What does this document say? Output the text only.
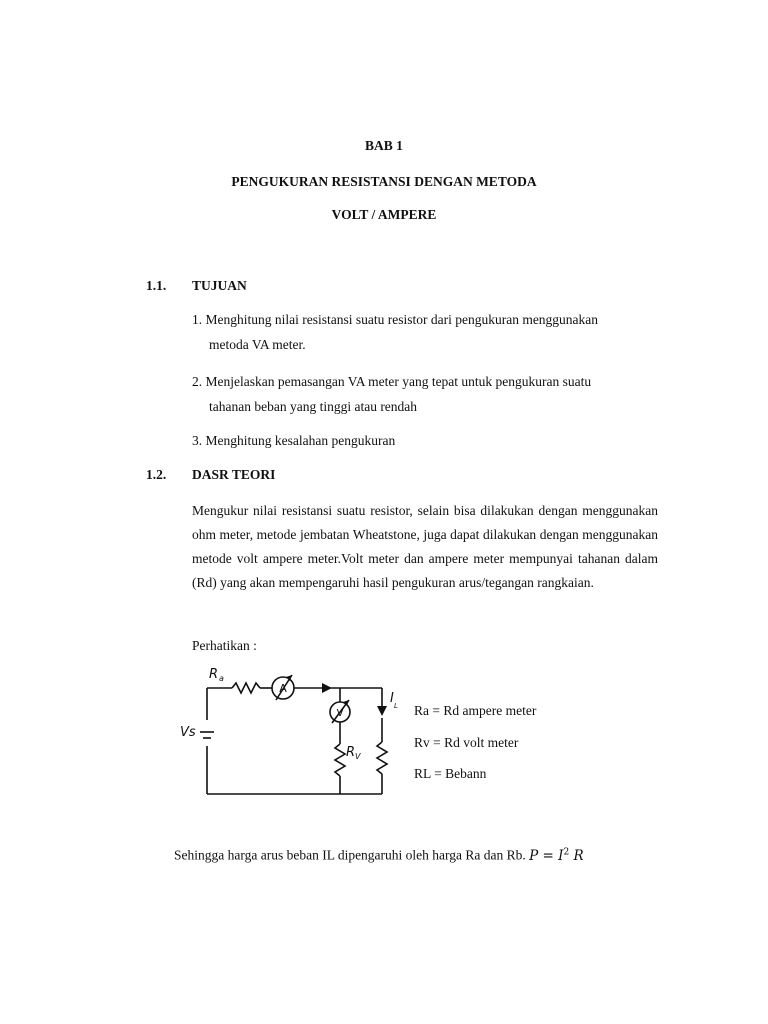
BAB 1
PENGUKURAN RESISTANSI DENGAN METODA
VOLT / AMPERE
1.1. TUJUAN
1. Menghitung nilai resistansi suatu resistor dari pengukuran menggunakan
metoda VA meter.
2. Menjelaskan pemasangan VA meter yang tepat untuk pengukuran suatu
tahanan beban yang tinggi atau rendah
3. Menghitung kesalahan pengukuran
1.2. DASR TEORI

Mengukur nilai resistansi suatu resistor, selain bisa dilakukan dengan menggunakan ohm meter, metode jembatan Wheatstone, juga dapat dilakukan dengan menggunakan metode volt ampere meter.Volt meter dan ampere meter mempunyai tahanan dalam (Rd) yang akan mempengaruhi hasil pengukuran arus/tegangan rangkaian.

Perhatikan :
R a
A
V
Vs
R V
I L Ra = Rd ampere meter
Rv = Rd volt meter
RL = Bebann
Sehingga harga arus beban IL dipengaruhi oleh harga Ra dan Rb. $P = I^2$ R
